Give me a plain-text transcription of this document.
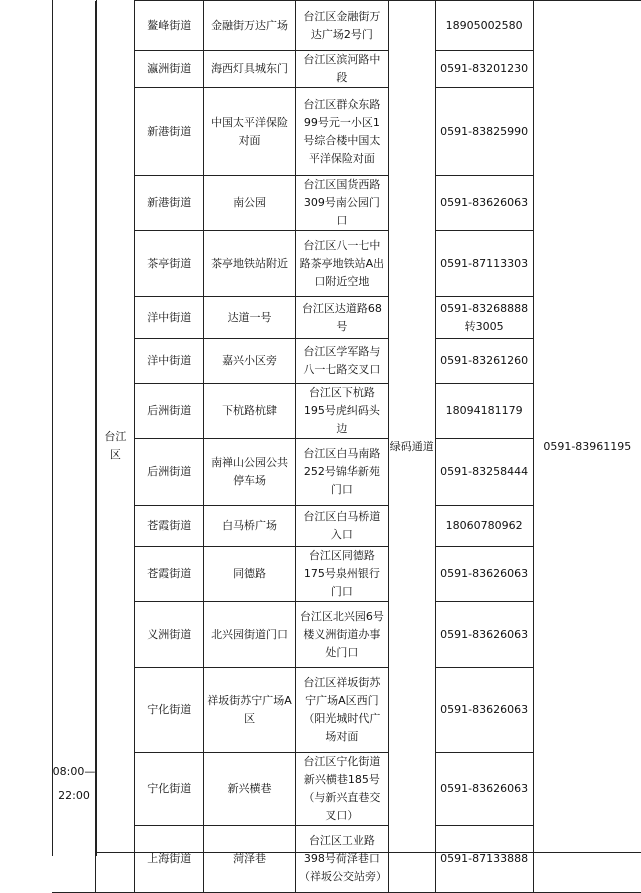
08:00—
22:00
	台江区	鳌峰街道	金融街万达广场	台江区金融街万达广场2号门	绿码通道	18905002580	0591-83961195
		瀛洲街道	海西灯具城东门	台江区滨河路中段		0591-83201230	
		新港街道	中国太平洋保险对面	台江区群众东路99号元一小区1号综合楼中国太平洋保险对面		0591-83825990	
		新港街道	南公园	台江区国货西路309号南公园门口		0591-83626063	
		茶亭街道	茶亭地铁站附近	台江区八一七中路茶亭地铁站A出口附近空地		0591-87113303	
		洋中街道	达道一号	台江区达道路68号		0591-83268888转3005	
		洋中街道	嘉兴小区旁	台江区学军路与八一七路交叉口		0591-83261260	
		后洲街道	下杭路杭肆	台江区下杭路195号虎纠码头边		18094181179	
		后洲街道	南禅山公园公共停车场	台江区白马南路252号锦华新苑门口		0591-83258444	
		苍霞街道	白马桥广场	台江区白马桥道入口		18060780962	
		苍霞街道	同德路	台江区同德路175号泉州银行门口		0591-83626063	
		义洲街道	北兴园街道门口	台江区北兴园6号楼义洲街道办事处门口		0591-83626063	
		宁化街道	祥坂街苏宁广场A区	台江区祥坂街苏宁广场A区西门（阳光城时代广场对面		0591-83626063	
		宁化街道	新兴横巷	台江区宁化街道新兴横巷185号（与新兴直巷交叉口）		0591-83626063	
		上海街道	菏泽巷	台江区工业路398号荷泽巷口（祥坂公交站旁）		0591-87133888	
